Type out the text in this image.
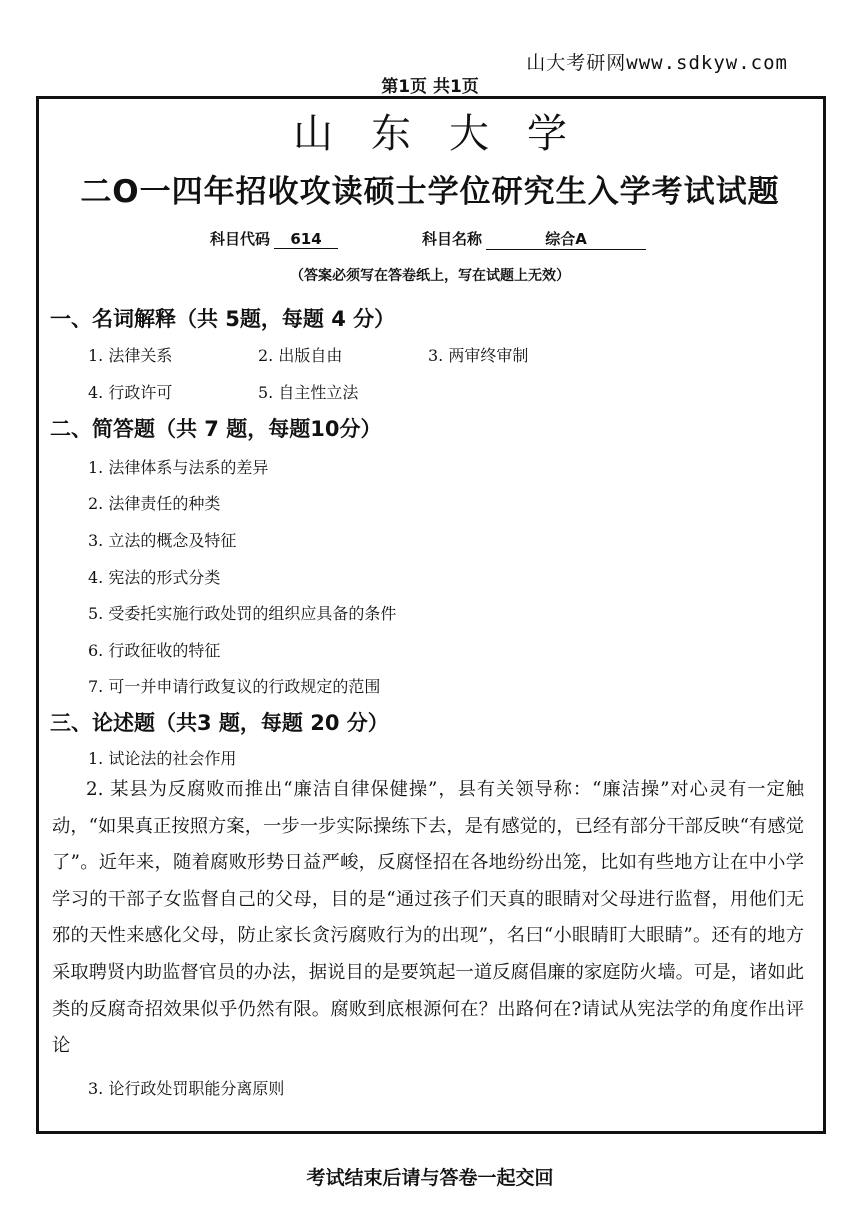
山大考研网www.sdkyw.com
第1页 共1页
山东大学
二O一四年招收攻读硕士学位研究生入学考试试题
科目代码 614	科目名称	综合A
（答案必须写在答卷纸上，写在试题上无效）
一、名词解释（共 5题，每题 4 分）
1. 法律关系	2. 出版自由	3. 两审终审制
4. 行政许可	5. 自主性立法
二、简答题（共 7 题，每题10分）
1. 法律体系与法系的差异
2. 法律责任的种类
3. 立法的概念及特征
4. 宪法的形式分类
5. 受委托实施行政处罚的组织应具备的条件
6. 行政征收的特征
7. 可一并申请行政复议的行政规定的范围
三、论述题（共3 题，每题 20 分）
1. 试论法的社会作用
2. 某县为反腐败而推出“廉洁自律保健操”，县有关领导称：“廉洁操”对心灵有一定触动，“如果真正按照方案，一步一步实际操练下去，是有感觉的，已经有部分干部反映“有感觉了”。近年来，随着腐败形势日益严峻，反腐怪招在各地纷纷出笼，比如有些地方让在中小学学习的干部子女监督自己的父母，目的是“通过孩子们天真的眼睛对父母进行监督，用他们无邪的天性来感化父母，防止家长贪污腐败行为的出现”，名曰“小眼睛盯大眼睛”。还有的地方采取聘贤内助监督官员的办法，据说目的是要筑起一道反腐倡廉的家庭防火墙。可是，诸如此类的反腐奇招效果似乎仍然有限。腐败到底根源何在？出路何在?请试从宪法学的角度作出评论
3. 论行政处罚职能分离原则
考试结束后请与答卷一起交回
